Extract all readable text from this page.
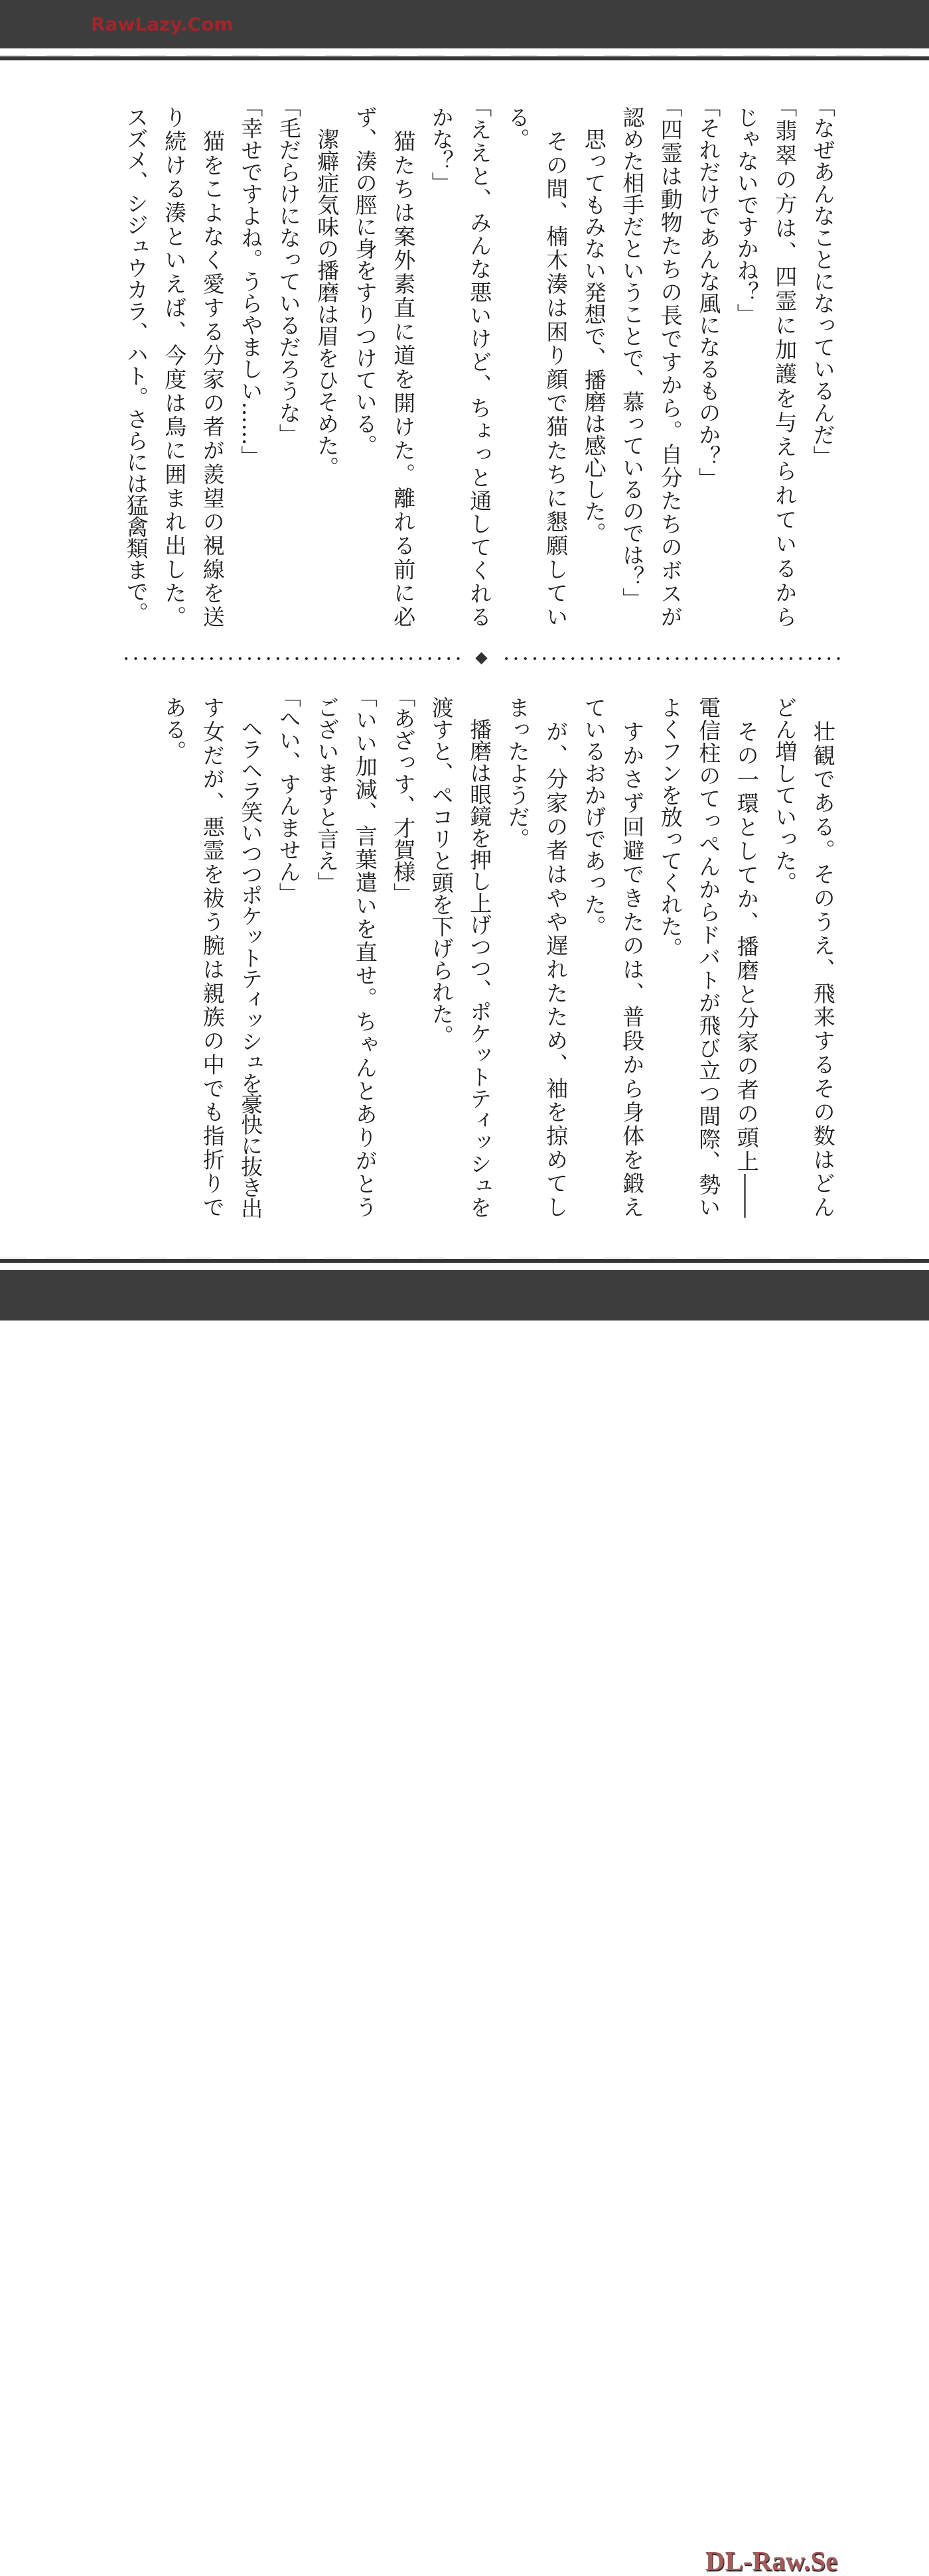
RawLazy.Com
「なぜあんなことになっているんだ」
「翡翠の方は、四霊に加護を与えられているから
じゃないですかね？」
「それだけであんな風になるものか？」
「四霊は動物たちの長ですから。自分たちのボスが
認めた相手だということで、慕っているのでは？」
　思ってもみない発想で、播磨は感心した。
　その間、楠木湊は困り顔で猫たちに懇願してい
る。
「ええと、みんな悪いけど、ちょっと通してくれる
かな？」
　猫たちは案外素直に道を開けた。離れる前に必
ず、湊の脛に身をすりつけている。
　潔癖症気味の播磨は眉をひそめた。
「毛だらけになっているだろうな」
「幸せですよね。うらやましい……」
　猫をこよなく愛する分家の者が羨望の視線を送
り続ける湊といえば、今度は鳥に囲まれ出した。
スズメ、シジュウカラ、ハト。さらには猛禽類まで。
　壮観である。そのうえ、飛来するその数はどん
どん増していった。
　その一環としてか、播磨と分家の者の頭上――
電信柱のてっぺんからドバトが飛び立つ間際、勢い
よくフンを放ってくれた。
　すかさず回避できたのは、普段から身体を鍛え
ているおかげであった。
　が、分家の者はやや遅れたため、袖を掠めてし
まったようだ。
　播磨は眼鏡を押し上げつつ、ポケットティッシュを
渡すと、ペコリと頭を下げられた。
「あざっす、才賀様」
「いい加減、言葉遣いを直せ。ちゃんとありがとう
ございますと言え」
「へい、すんません」
　ヘラヘラ笑いつつポケットティッシュを豪快に抜き出
す女だが、悪霊を祓う腕は親族の中でも指折りで
ある。
DL-Raw.Se
